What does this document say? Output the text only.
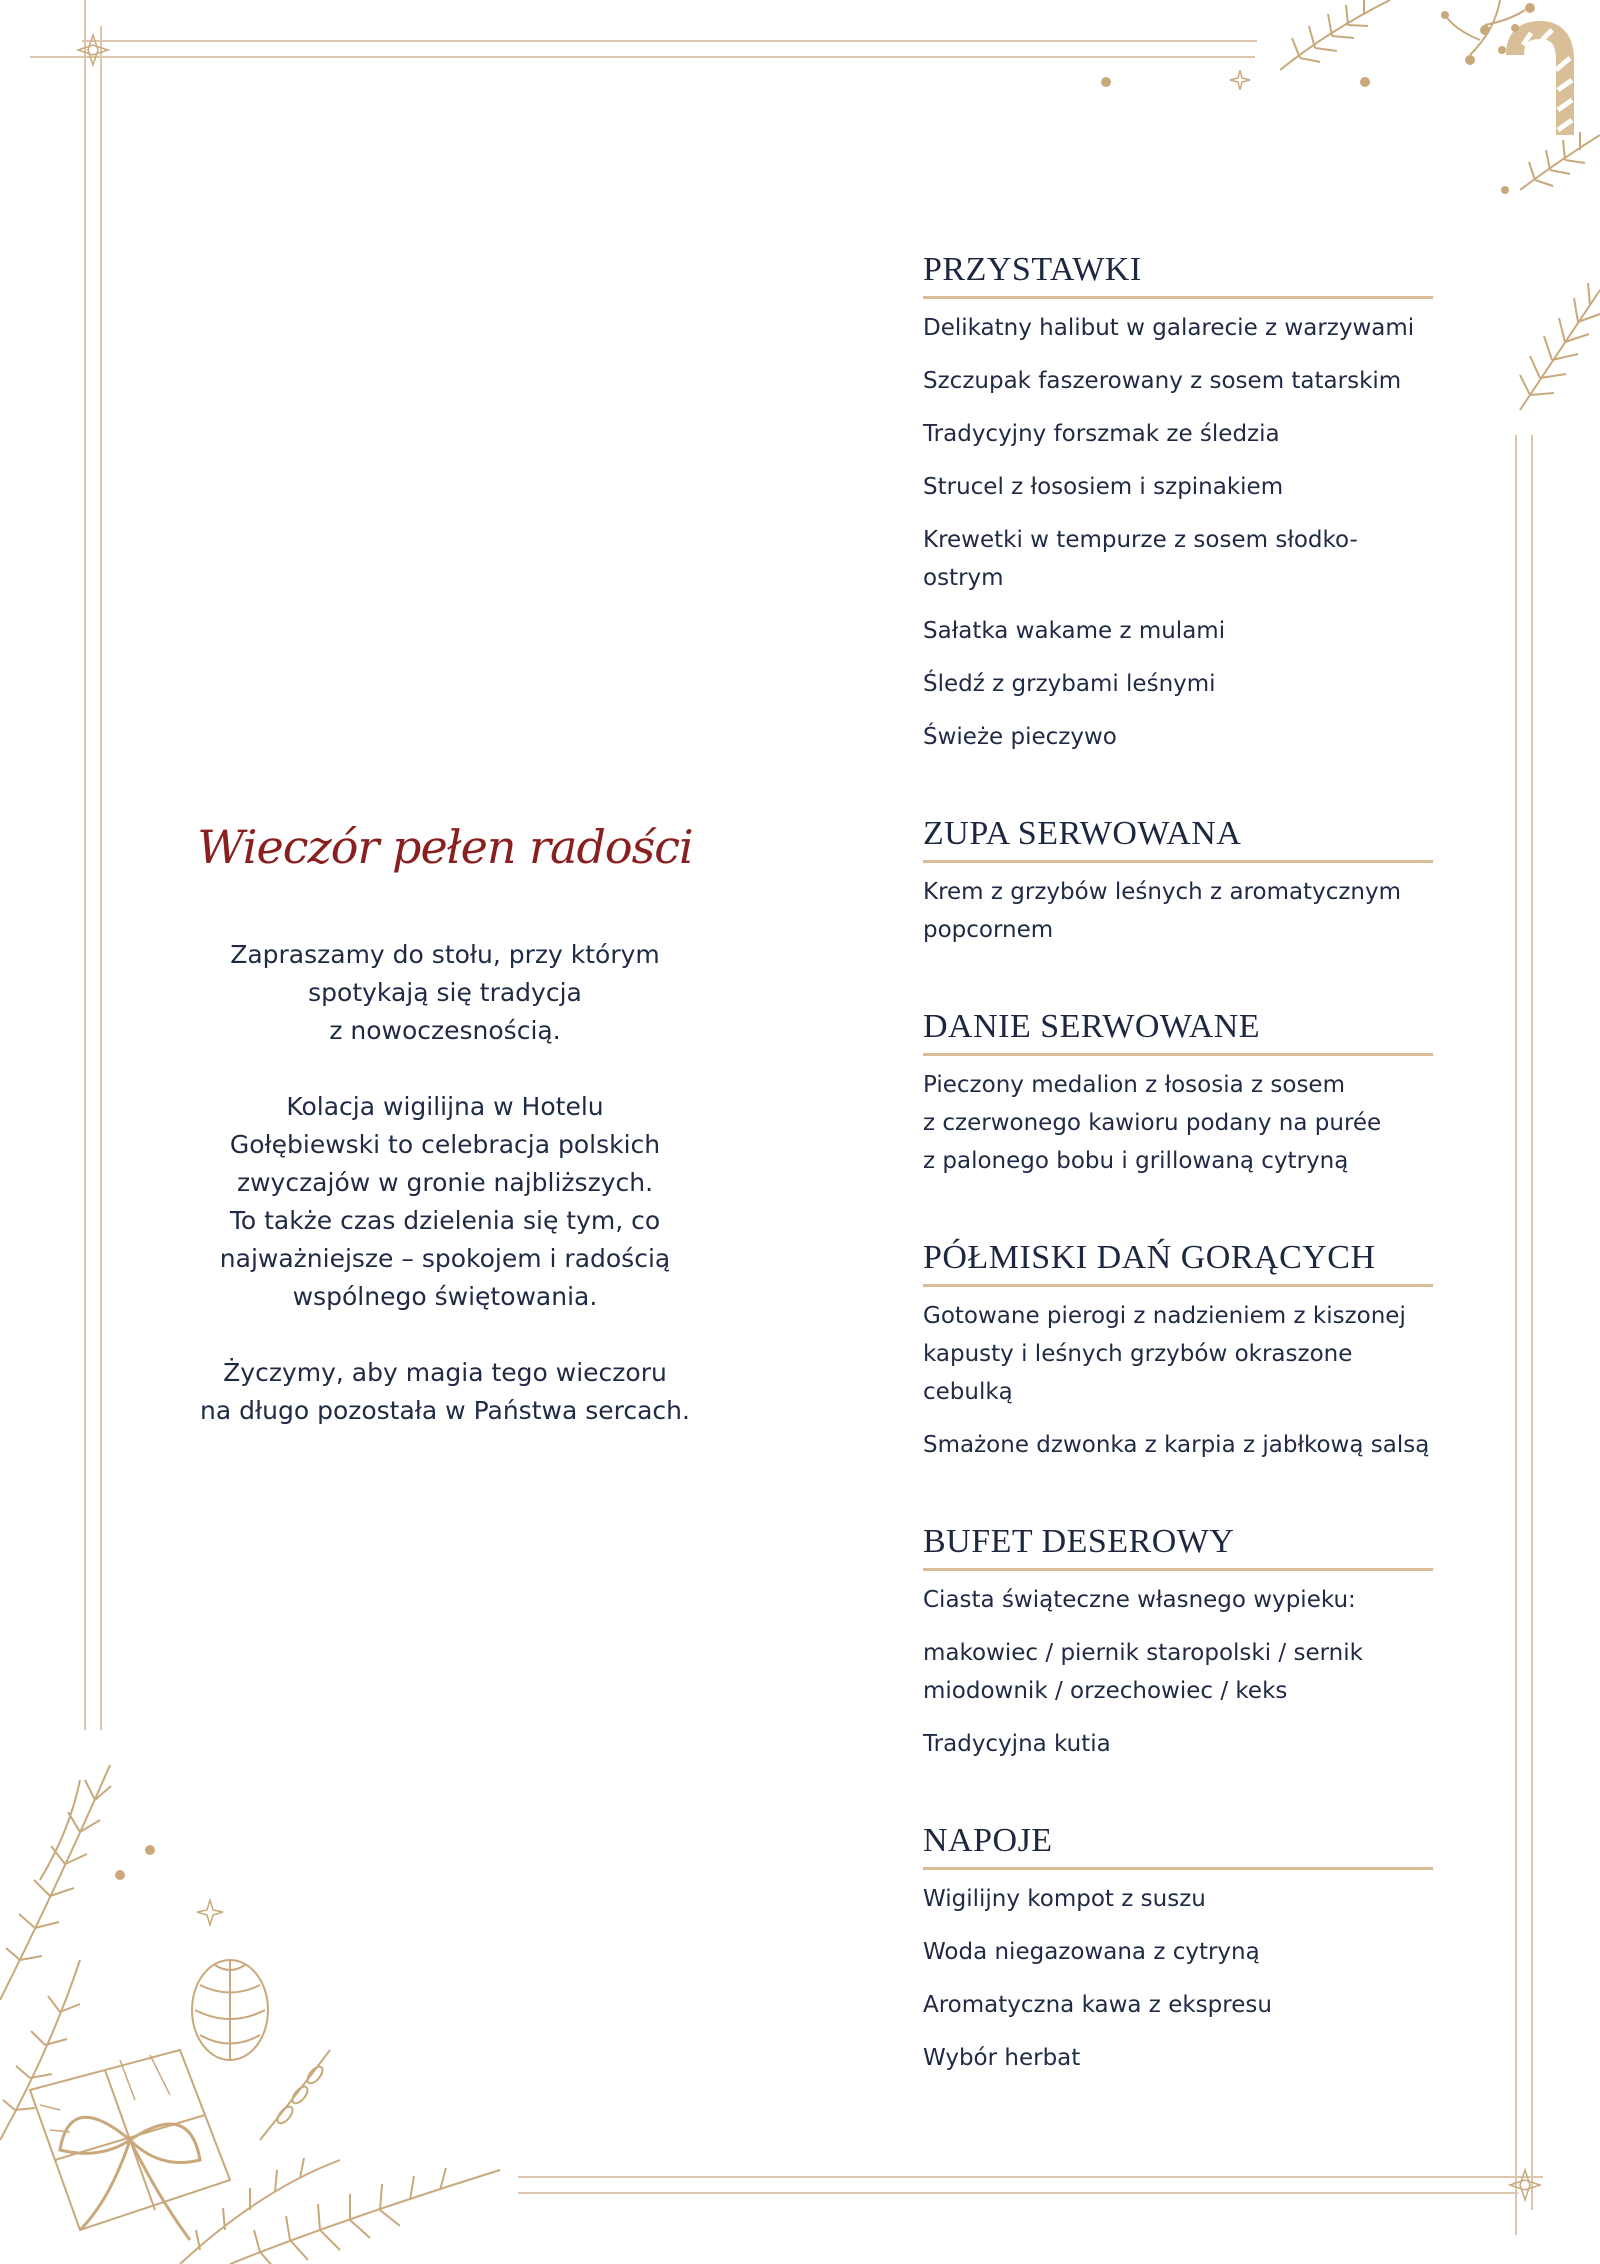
Wieczór pełen radości

Zapraszamy do stołu, przy którym
spotykają się tradycja
z nowoczesnością.

Kolacja wigilijna w Hotelu
Gołębiewski to celebracja polskich
zwyczajów w gronie najbliższych.
To także czas dzielenia się tym, co
najważniejsze – spokojem i radością
wspólnego świętowania.

Życzymy, aby magia tego wieczoru
na długo pozostała w Państwa sercach.

PRZYSTAWKI
Delikatny halibut w galarecie z warzywami
Szczupak faszerowany z sosem tatarskim
Tradycyjny forszmak ze śledzia
Strucel z łososiem i szpinakiem
Krewetki w tempurze z sosem słodko-ostrym
Sałatka wakame z mulami
Śledź z grzybami leśnymi
Świeże pieczywo
ZUPA SERWOWANA
Krem z grzybów leśnych z aromatycznym
popcornem
DANIE SERWOWANE
Pieczony medalion z łososia z sosem
z czerwonego kawioru podany na purée
z palonego bobu i grillowaną cytryną
PÓŁMISKI DAŃ GORĄCYCH
Gotowane pierogi z nadzieniem z kiszonej
kapusty i leśnych grzybów okraszone cebulką
Smażone dzwonka z karpia z jabłkową salsą
BUFET DESEROWY
Ciasta świąteczne własnego wypieku:
makowiec / piernik staropolski / sernik
miodownik / orzechowiec / keks
Tradycyjna kutia
NAPOJE
Wigilijny kompot z suszu
Woda niegazowana z cytryną
Aromatyczna kawa z ekspresu
Wybór herbat
